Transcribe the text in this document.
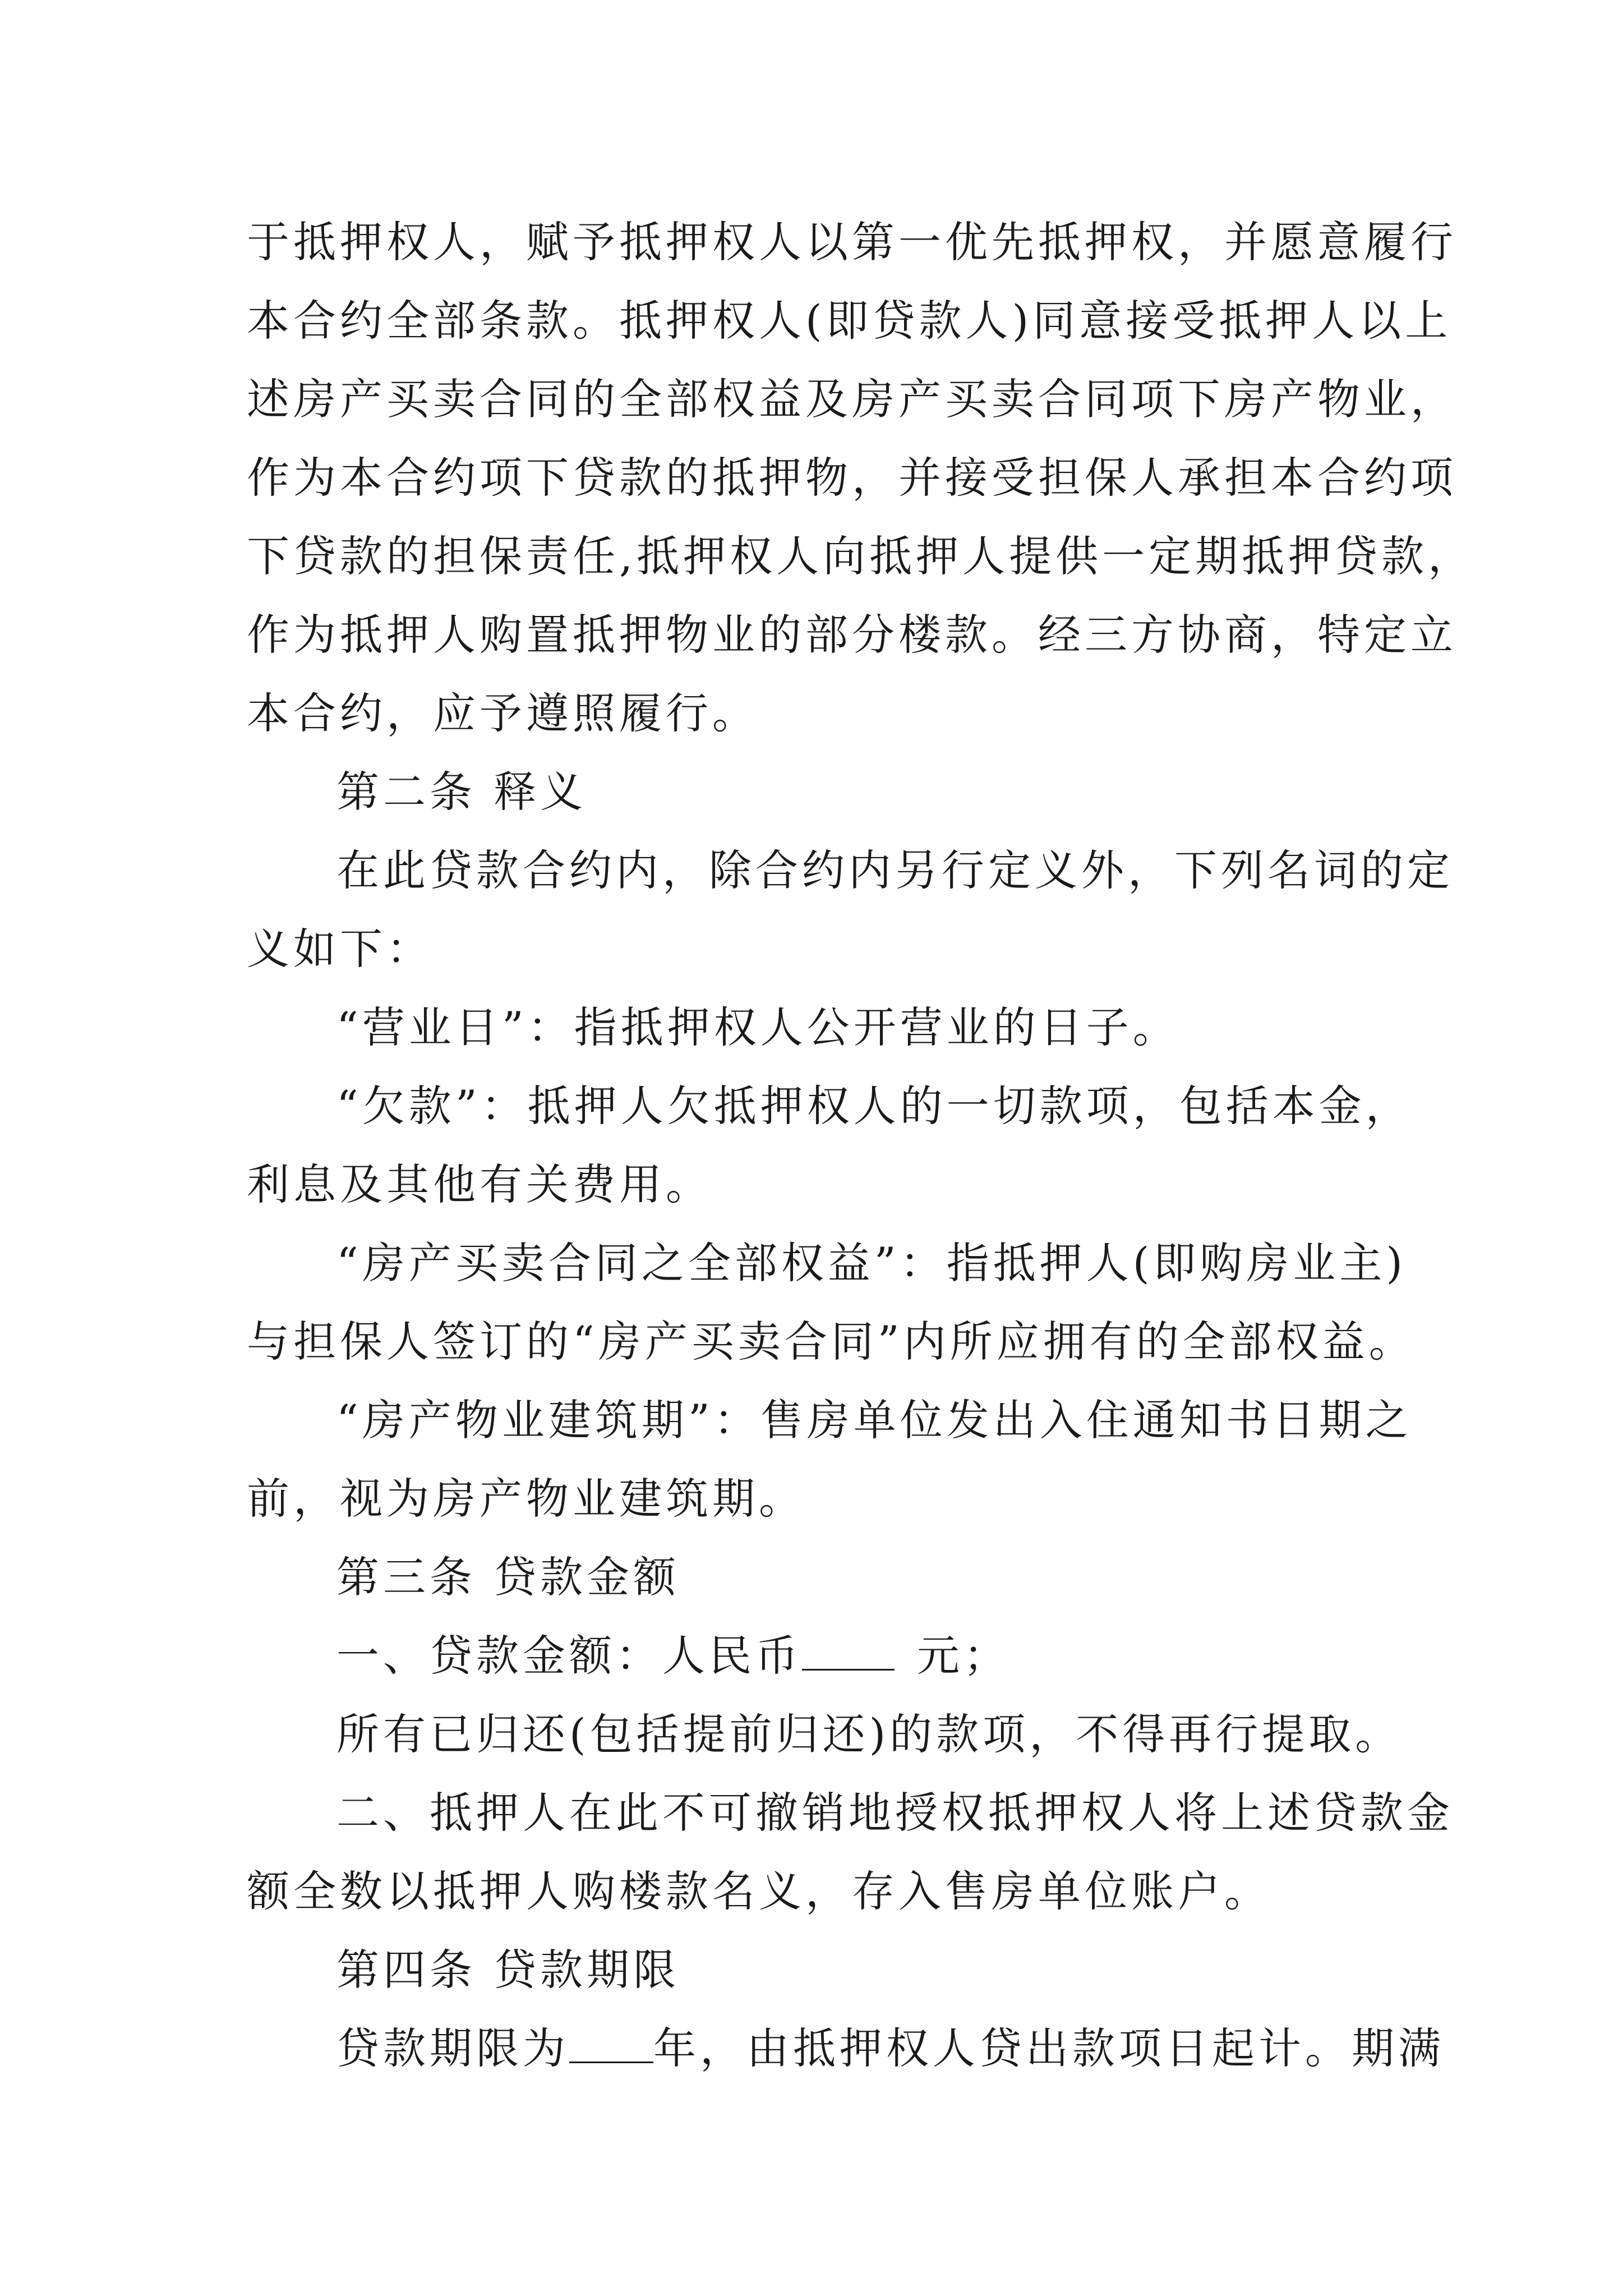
于抵押权人，赋予抵押权人以第一优先抵押权，并愿意履行
本合约全部条款。抵押权人(即贷款人)同意接受抵押人以上
述房产买卖合同的全部权益及房产买卖合同项下房产物业，
作为本合约项下贷款的抵押物，并接受担保人承担本合约项
下贷款的担保责任,抵押权人向抵押人提供一定期抵押贷款，
作为抵押人购置抵押物业的部分楼款。经三方协商，特定立
本合约，应予遵照履行。
第二条 释义
在此贷款合约内，除合约内另行定义外，下列名词的定
义如下：
“营业日”：指抵押权人公开营业的日子。
“欠款”：抵押人欠抵押权人的一切款项，包括本金，
利息及其他有关费用。
“房产买卖合同之全部权益”：指抵押人(即购房业主)
与担保人签订的“房产买卖合同”内所应拥有的全部权益。
“房产物业建筑期”：售房单位发出入住通知书日期之
前，视为房产物业建筑期。
第三条 贷款金额
一、贷款金额：人民币	元；
所有已归还(包括提前归还)的款项，不得再行提取。
二、抵押人在此不可撤销地授权抵押权人将上述贷款金
额全数以抵押人购楼款名义，存入售房单位账户。
第四条 贷款期限
贷款期限为 年，由抵押权人贷出款项日起计。期满
